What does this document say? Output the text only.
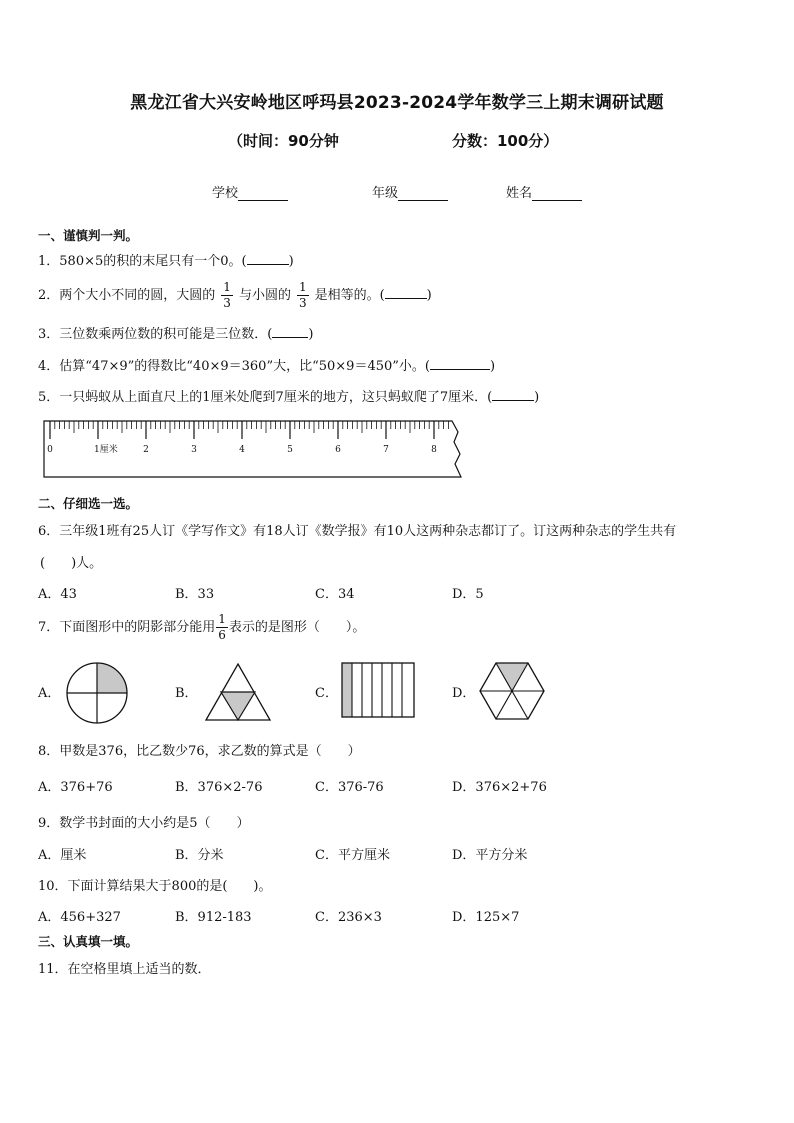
黑龙江省大兴安岭地区呼玛县2023-2024学年数学三上期末调研试题
（时间：90分钟	分数：100分）
学校	年级	姓名
一、谨慎判一判。
1．580×5的积的末尾只有一个0。(	)
2．两个大小不同的圆，大圆的 $\frac{1}{3}$ 与小圆的 $\frac{1}{3}$ 是相等的。(	)
3．三位数乘两位数的积可能是三位数．(	)
4．估算“47×9”的得数比“40×9＝360”大，比“50×9＝450”小。(	)
5．一只蚂蚁从上面直尺上的1厘米处爬到7厘米的地方，这只蚂蚁爬了7厘米．(	)
0	1厘米	2	3	4	5	6	7	8
二、仔细选一选。
6．三年级1班有25人订《学写作文》有18人订《数学报》有10人这两种杂志都订了。订这两种杂志的学生共有
(　　)人。
A．43	B．33	C．34	D．5
7．下面图形中的阴影部分能用 $\frac{1}{6}$ 表示的是图形（　　）。
A．	B．	C．	D．
8．甲数是376，比乙数少76，求乙数的算式是（　　）
A．376+76	B．376×2-76	C．376-76	D．376×2+76
9．数学书封面的大小约是5（　　）
A．厘米	B．分米	C．平方厘米	D．平方分米
10．下面计算结果大于800的是(　　)。
A．456+327	B．912-183	C．236×3	D．125×7
三、认真填一填。
11．在空格里填上适当的数．
